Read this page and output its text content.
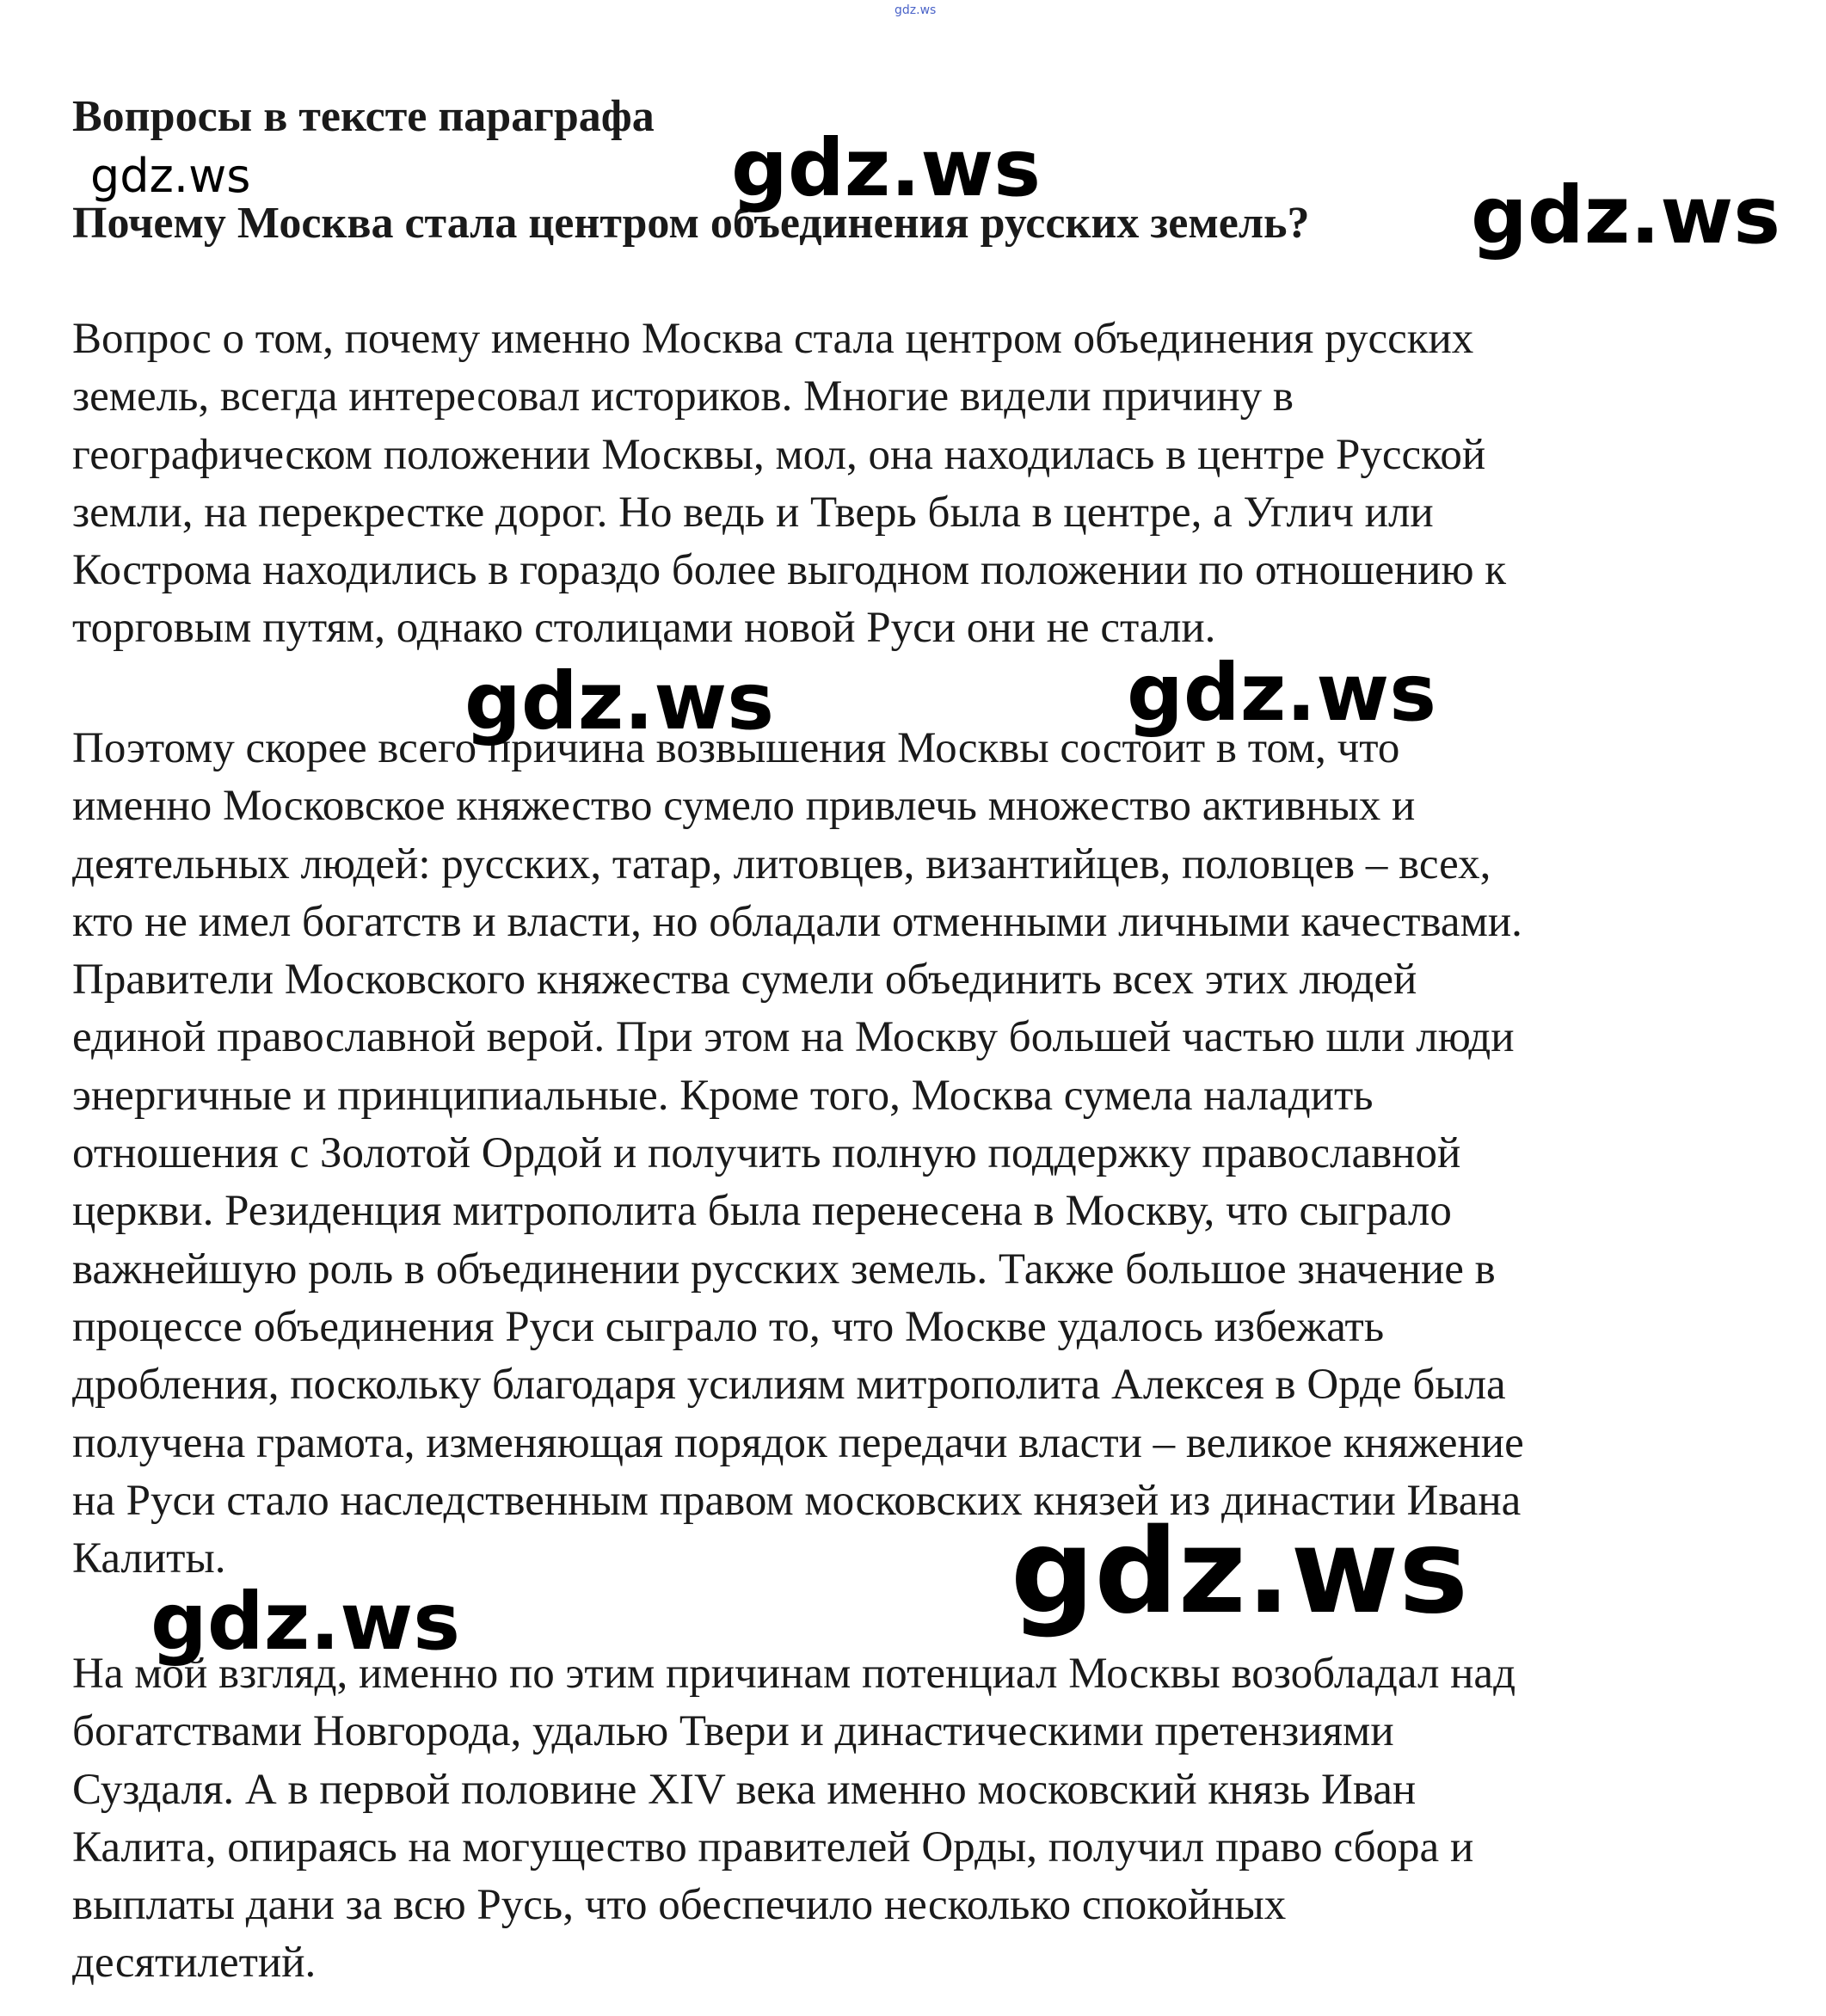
Вопросы в тексте параграфа
Почему Москва стала центром объединения русских земель?

Вопрос о том, почему именно Москва стала центром объединения русских
земель, всегда интересовал историков. Многие видели причину в
географическом положении Москвы, мол, она находилась в центре Русской
земли, на перекрестке дорог. Но ведь и Тверь была в центре, а Углич или
Кострома находились в гораздо более выгодном положении по отношению к
торговым путям, однако столицами новой Руси они не стали.

Поэтому скорее всего причина возвышения Москвы состоит в том, что
именно Московское княжество сумело привлечь множество активных и
деятельных людей: русских, татар, литовцев, византийцев, половцев – всех,
кто не имел богатств и власти, но обладали отменными личными качествами.
Правители Московского княжества сумели объединить всех этих людей
единой православной верой. При этом на Москву большей частью шли люди
энергичные и принципиальные. Кроме того, Москва сумела наладить
отношения с Золотой Ордой и получить полную поддержку православной
церкви. Резиденция митрополита была перенесена в Москву, что сыграло
важнейшую роль в объединении русских земель. Также большое значение в
процессе объединения Руси сыграло то, что Москве удалось избежать
дробления, поскольку благодаря усилиям митрополита Алексея в Орде была
получена грамота, изменяющая порядок передачи власти – великое княжение
на Руси стало наследственным правом московских князей из династии Ивана
Калиты.

На мой взгляд, именно по этим причинам потенциал Москвы возобладал над
богатствами Новгорода, удалью Твери и династическими претензиями
Суздаля. А в первой половине XIV века именно московский князь Иван
Калита, опираясь на могущество правителей Орды, получил право сбора и
выплаты дани за всю Русь, что обеспечило несколько спокойных
десятилетий.

gdz.ws
gdz.ws	gdz.ws
gdz.ws
gdz.ws	gdz.ws
gdz.ws
gdz.ws
